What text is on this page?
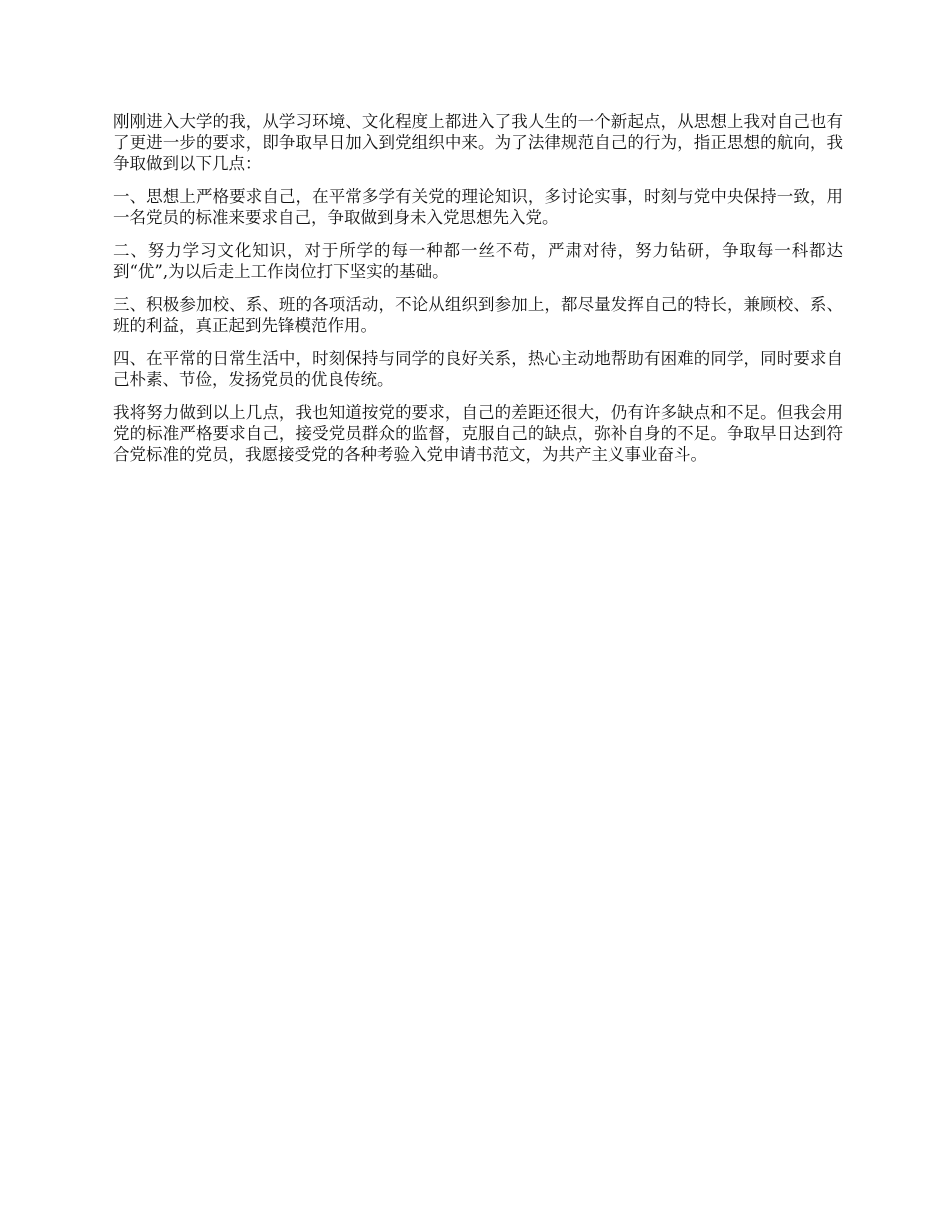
刚刚进入大学的我，从学习环境、文化程度上都进入了我人生的一个新起点，从思想上我对自己也有了更进一步的要求，即争取早日加入到党组织中来。为了法律规范自己的行为，指正思想的航向，我争取做到以下几点：

一、思想上严格要求自己，在平常多学有关党的理论知识，多讨论实事，时刻与党中央保持一致，用一名党员的标准来要求自己，争取做到身未入党思想先入党。

二、努力学习文化知识，对于所学的每一种都一丝不苟，严肃对待，努力钻研，争取每一科都达到“优”,为以后走上工作岗位打下坚实的基础。

三、积极参加校、系、班的各项活动，不论从组织到参加上，都尽量发挥自己的特长，兼顾校、系、班的利益，真正起到先锋模范作用。

四、在平常的日常生活中，时刻保持与同学的良好关系，热心主动地帮助有困难的同学，同时要求自己朴素、节俭，发扬党员的优良传统。

我将努力做到以上几点，我也知道按党的要求，自己的差距还很大，仍有许多缺点和不足。但我会用党的标准严格要求自己，接受党员群众的监督，克服自己的缺点，弥补自身的不足。争取早日达到符合党标准的党员，我愿接受党的各种考验入党申请书范文，为共产主义事业奋斗。
